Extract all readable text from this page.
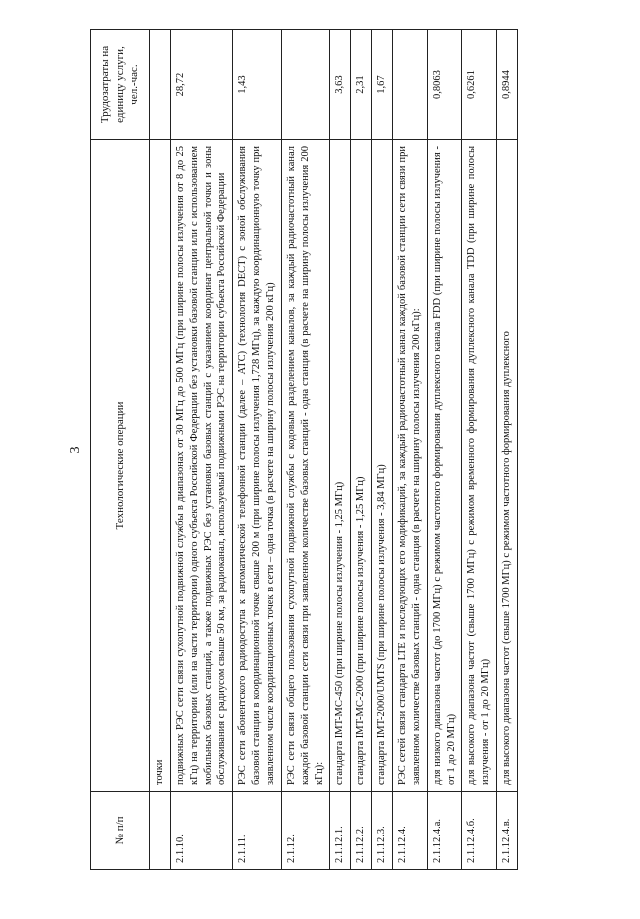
3
№ п/п	Технологические операции	Трудозатраты на единицу услуги, чел.-час.
	точки	
2.1.10.	подвижных РЭС сети связи сухопутной подвижной службы в диапазонах от 30 МГц до 500 МГц (при ширине полосы излучения от 8 до 25 кГц) на территории (или на части территории) одного субъекта Российской Федерации без установки базовой станции или с использованием мобильных базовых станций, а также подвижных РЭС без установки базовых станций с указанием координат центральной точки и зоны обслуживания с радиусом свыше 50 км, за радиоканал, используемый подвижными РЭС на территории субъекта Российской Федерации	28,72
2.1.11.	РЭС сети абонентского радиодоступа к автоматической телефонной станции (далее – АТС) (технология DECT) с зоной обслуживания базовой станции в координационной точке свыше 200 м (при ширине полосы излучения 1,728 МГц), за каждую координационную точку при заявленном числе координационных точек в сети – одна точка (в расчете на ширину полосы излучения 200 кГц)	1,43
2.1.12.	РЭС сети связи общего пользования сухопутной подвижной службы с кодовым разделением каналов, за каждый радиочастотный канал каждой базовой станции сети связи при заявленном количестве базовых станций - одна станция (в расчете на ширину полосы излучения 200 кГц):	
2.1.12.1.	стандарта IMT-MC-450 (при ширине полосы излучения - 1,25 МГц)	3,63
2.1.12.2.	стандарта IMT-MC-2000 (при ширине полосы излучения - 1,25 МГц)	2,31
2.1.12.3.	стандарта IMT-2000/UMTS (при ширине полосы излучения - 3,84 МГц)	1,67
2.1.12.4.	РЭС сетей связи стандарта LTE и последующих его модификаций, за каждый радиочастотный канал каждой базовой станции сети связи при заявленном количестве базовых станций - одна станция (в расчете на ширину полосы излучения 200 кГц):	
2.1.12.4.а.	для низкого диапазона частот (до 1700 МГц) с режимом частотного формирования дуплексного канала FDD (при ширине полосы излучения - от 1 до 20 МГц)	0,8063
2.1.12.4.б.	для высокого диапазона частот (свыше 1700 МГц) с режимом временного формирования дуплексного канала TDD (при ширине полосы излучения - от 1 до 20 МГц)	0,6261
2.1.12.4.в.	для высокого диапазона частот (свыше 1700 МГц) с режимом частотного формирования дуплексного	0,8944
